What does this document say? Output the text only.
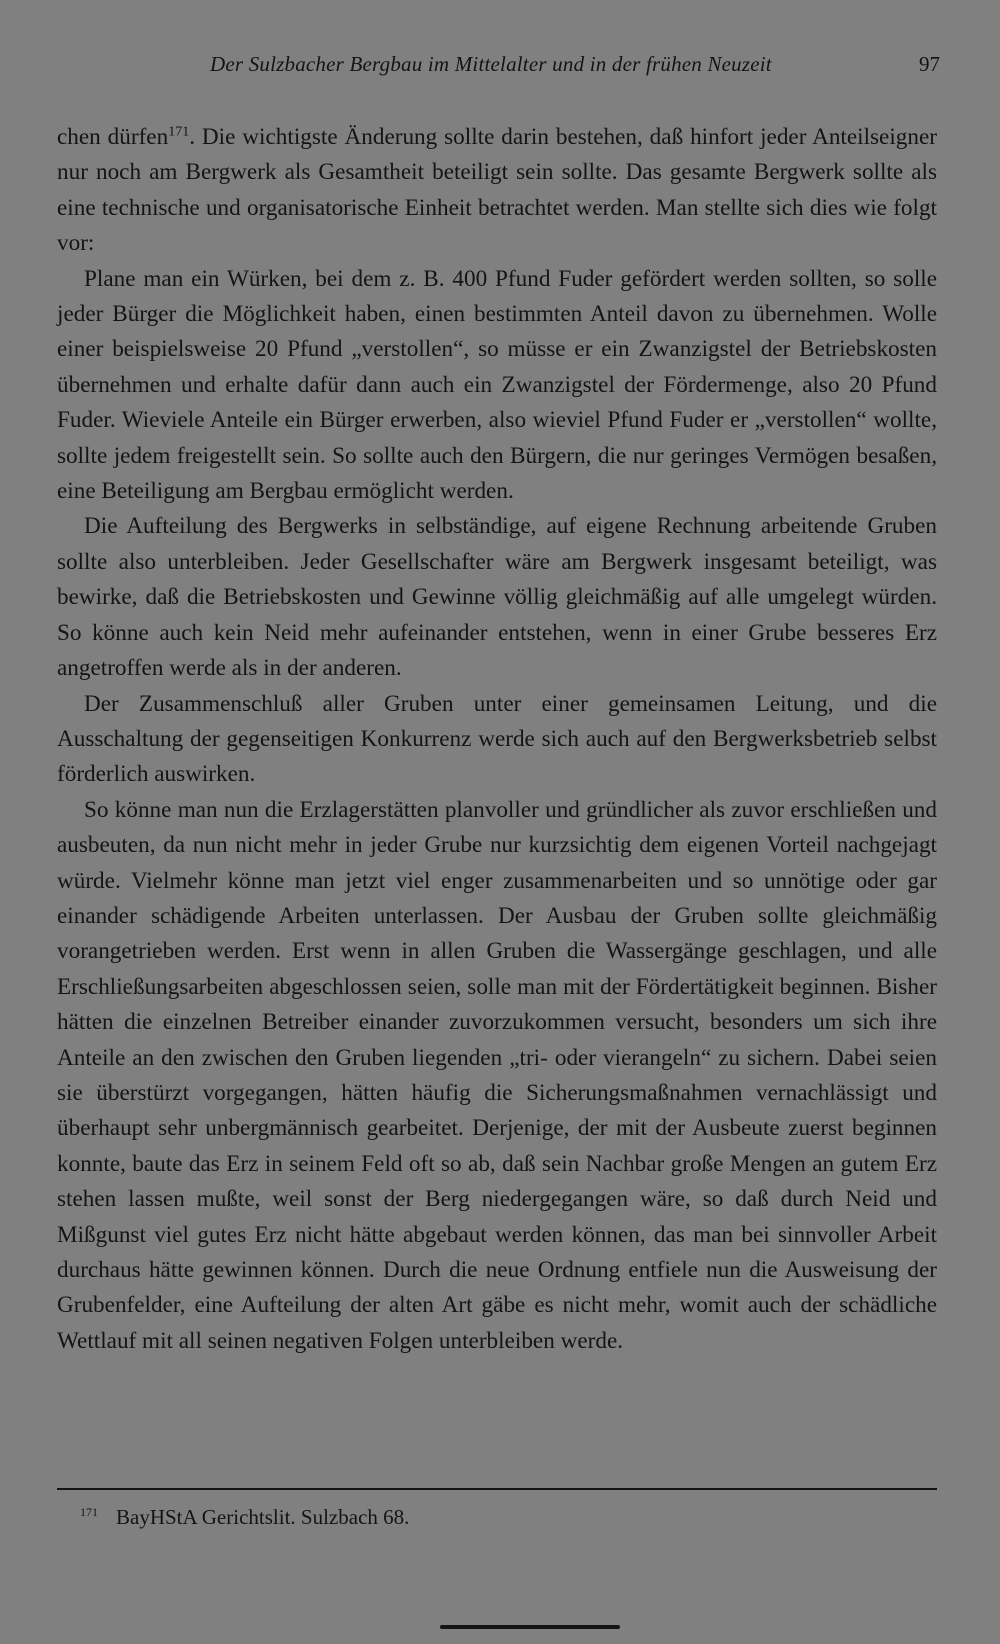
Der Sulzbacher Bergbau im Mittelalter und in der frühen Neuzeit	97

chen dürfen$^{171}$. Die wichtigste Änderung sollte darin bestehen, daß hinfort jeder Anteilseigner nur noch am Bergwerk als Gesamtheit beteiligt sein sollte. Das gesamte Bergwerk sollte als eine technische und organisatorische Einheit betrachtet werden. Man stellte sich dies wie folgt vor:

Plane man ein Würken, bei dem z. B. 400 Pfund Fuder gefördert werden sollten, so solle jeder Bürger die Möglichkeit haben, einen bestimmten Anteil davon zu übernehmen. Wolle einer beispielsweise 20 Pfund „verstollen“, so müsse er ein Zwanzigstel der Betriebskosten übernehmen und erhalte dafür dann auch ein Zwanzigstel der Fördermenge, also 20 Pfund Fuder. Wieviele Anteile ein Bürger erwerben, also wieviel Pfund Fuder er „verstollen“ wollte, sollte jedem freigestellt sein. So sollte auch den Bürgern, die nur geringes Vermögen besaßen, eine Beteiligung am Bergbau ermöglicht werden.

Die Aufteilung des Bergwerks in selbständige, auf eigene Rechnung arbeitende Gruben sollte also unterbleiben. Jeder Gesellschafter wäre am Bergwerk insgesamt beteiligt, was bewirke, daß die Betriebskosten und Gewinne völlig gleichmäßig auf alle umgelegt würden. So könne auch kein Neid mehr aufeinander entstehen, wenn in einer Grube besseres Erz angetroffen werde als in der anderen.

Der Zusammenschluß aller Gruben unter einer gemeinsamen Leitung, und die Ausschaltung der gegenseitigen Konkurrenz werde sich auch auf den Bergwerksbetrieb selbst förderlich auswirken.

So könne man nun die Erzlagerstätten planvoller und gründlicher als zuvor erschließen und ausbeuten, da nun nicht mehr in jeder Grube nur kurzsichtig dem eigenen Vorteil nachgejagt würde. Vielmehr könne man jetzt viel enger zusammenarbeiten und so unnötige oder gar einander schädigende Arbeiten unterlassen. Der Ausbau der Gruben sollte gleichmäßig vorangetrieben werden. Erst wenn in allen Gruben die Wassergänge geschlagen, und alle Erschließungsarbeiten abgeschlossen seien, solle man mit der Fördertätigkeit beginnen. Bisher hätten die einzelnen Betreiber einander zuvorzukommen versucht, besonders um sich ihre Anteile an den zwischen den Gruben liegenden „tri- oder vierangeln“ zu sichern. Dabei seien sie überstürzt vorgegangen, hätten häufig die Sicherungsmaßnahmen vernachlässigt und überhaupt sehr unbergmännisch gearbeitet. Derjenige, der mit der Ausbeute zuerst beginnen konnte, baute das Erz in seinem Feld oft so ab, daß sein Nachbar große Mengen an gutem Erz stehen lassen mußte, weil sonst der Berg niedergegangen wäre, so daß durch Neid und Mißgunst viel gutes Erz nicht hätte abgebaut werden können, das man bei sinnvoller Arbeit durchaus hätte gewinnen können. Durch die neue Ordnung entfiele nun die Ausweisung der Grubenfelder, eine Aufteilung der alten Art gäbe es nicht mehr, womit auch der schädliche Wettlauf mit all seinen negativen Folgen unterbleiben werde.

$^{171}$ BayHStA Gerichtslit. Sulzbach 68.
